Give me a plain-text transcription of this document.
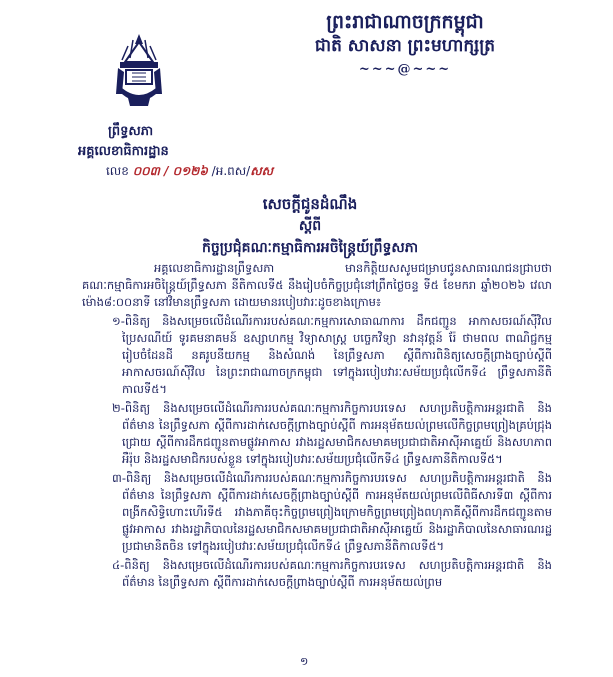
ព្រះរាជាណាចក្រកម្ពុជា
ជាតិ សាសនា ព្រះមហាក្សត្រ
~~~@~~~
ព្រឹទ្ធសភា
អគ្គលេខាធិការដ្ឋាន
លេខ ០០៣ / ០១២៦ /អ.ពស/សស
សេចក្ដីជូនដំណឹង
ស្ដីពី
កិច្ចប្រជុំគណៈកម្មាធិការអចិន្ត្រៃយ៍ព្រឹទ្ធសភា

អគ្គលេខាធិការដ្ឋានព្រឹទ្ធសភា មានកិត្តិយសសូមជម្រាបជូនសាធារណជនជ្រាបថា គណៈកម្មាធិការអចិន្ត្រៃយ៍ព្រឹទ្ធសភា នីតិកាលទី៥ នឹងរៀបចំកិច្ចប្រជុំនៅព្រឹកថ្ងៃចន្ទ ទី៥ ខែមករា ឆ្នាំ២០២៦ វេលាម៉ោង៨:០០នាទី នៅវិមានព្រឹទ្ធសភា ដោយមានរបៀបវារៈដូចខាងក្រោម៖

១-ពិនិត្យ និងសម្រេចលើដំណើរការរបស់គណៈកម្មការសោធាណាការ ដឹកជញ្ជូន អាកាសចរណ៍ស៊ីវិល ប្រៃសណីយ៍ ទូរគមនាគមន៍ ឧស្សាហកម្ម វិទ្យាសាស្ត្រ បច្ចេកវិទ្យា នវានុវត្តន៍ រ៉ែ ថាមពល ពាណិជ្ជកម្ម រៀបចំដែនដី នគរូបនីយកម្ម និងសំណង់ នៃព្រឹទ្ធសភា ស្ដីពីការពិនិត្យសេចក្ដីព្រាងច្បាប់ស្ដីពី អាកាសចរណ៍ស៊ីវិល នៃព្រះរាជាណាចក្រកម្ពុជា ទៅក្នុងរបៀបវារៈសម័យប្រជុំលើកទី៤ ព្រឹទ្ធសភានីតិកាលទី៥។

២-ពិនិត្យ និងសម្រេចលើដំណើរការរបស់គណៈកម្មការកិច្ចការបរទេស សហប្រតិបត្តិការអន្តរជាតិ និងព័ត៌មាន នៃព្រឹទ្ធសភា ស្ដីពីការដាក់សេចក្ដីព្រាងច្បាប់ស្ដីពី ការអនុម័តយល់ព្រមលើកិច្ចព្រមព្រៀងគ្រប់ជ្រុងជ្រោយ ស្ដីពីការដឹកជញ្ជូនតាមផ្លូវអាកាស រវាងរដ្ឋសមាជិកសមាគមប្រជាជាតិអាស៊ីអាគ្នេយ៍ និងសហភាពអឺរ៉ុប និងរដ្ឋសមាជិករបស់ខ្លួន ទៅក្នុងរបៀបវារៈសម័យប្រជុំលើកទី៤ ព្រឹទ្ធសភានីតិកាលទី៥។

៣-ពិនិត្យ និងសម្រេចលើដំណើរការរបស់គណៈកម្មការកិច្ចការបរទេស សហប្រតិបត្តិការអន្តរជាតិ និងព័ត៌មាន នៃព្រឹទ្ធសភា ស្ដីពីការដាក់សេចក្ដីព្រាងច្បាប់ស្ដីពី ការអនុម័តយល់ព្រមលើពិធីសារទី៣ ស្ដីពីការពង្រីកសិទ្ធិហោះហើរទី៥ រវាងភាគីចុះកិច្ចព្រមព្រៀងក្រោមកិច្ចព្រមព្រៀងពហុភាគីស្ដីពីការដឹកជញ្ជូនតាមផ្លូវអាកាស រវាងរដ្ឋាភិបាលនៃរដ្ឋសមាជិកសមាគមប្រជាជាតិអាស៊ីអាគ្នេយ៍ និងរដ្ឋាភិបាលនៃសាធារណរដ្ឋប្រជាមានិតចិន ទៅក្នុងរបៀបវារៈសម័យប្រជុំលើកទី៤ ព្រឹទ្ធសភានីតិកាលទី៥។

៤-ពិនិត្យ និងសម្រេចលើដំណើរការរបស់គណៈកម្មការកិច្ចការបរទេស សហប្រតិបត្តិការអន្តរជាតិ និងព័ត៌មាន នៃព្រឹទ្ធសភា ស្ដីពីការដាក់សេចក្ដីព្រាងច្បាប់ស្ដីពី ការអនុម័តយល់ព្រម

១
